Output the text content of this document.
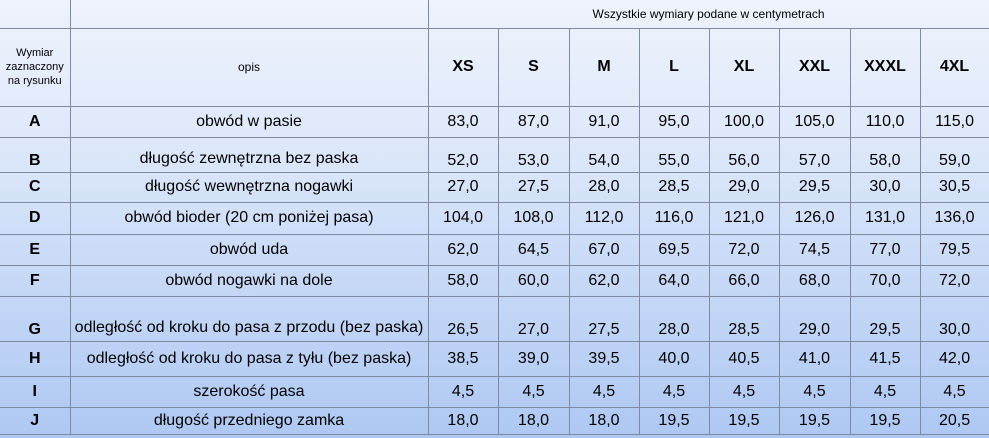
		Wszystkie wymiary podane w centymetrach							
Wymiar zaznaczony na rysunku	opis	XS	S	M	L	XL	XXL	XXXL	4XL
A	obwód w pasie	83,0	87,0	91,0	95,0	100,0	105,0	110,0	115,0
B	długość zewnętrzna bez paska	52,0	53,0	54,0	55,0	56,0	57,0	58,0	59,0
C	długość wewnętrzna nogawki	27,0	27,5	28,0	28,5	29,0	29,5	30,0	30,5
D	obwód bioder (20 cm poniżej pasa)	104,0	108,0	112,0	116,0	121,0	126,0	131,0	136,0
E	obwód uda	62,0	64,5	67,0	69,5	72,0	74,5	77,0	79,5
F	obwód nogawki na dole	58,0	60,0	62,0	64,0	66,0	68,0	70,0	72,0
G	odległość od kroku do pasa z przodu (bez paska)	26,5	27,0	27,5	28,0	28,5	29,0	29,5	30,0
H	odległość od kroku do pasa z tyłu (bez paska)	38,5	39,0	39,5	40,0	40,5	41,0	41,5	42,0
I	szerokość pasa	4,5	4,5	4,5	4,5	4,5	4,5	4,5	4,5
J	długość przedniego zamka	18,0	18,0	18,0	19,5	19,5	19,5	19,5	20,5
